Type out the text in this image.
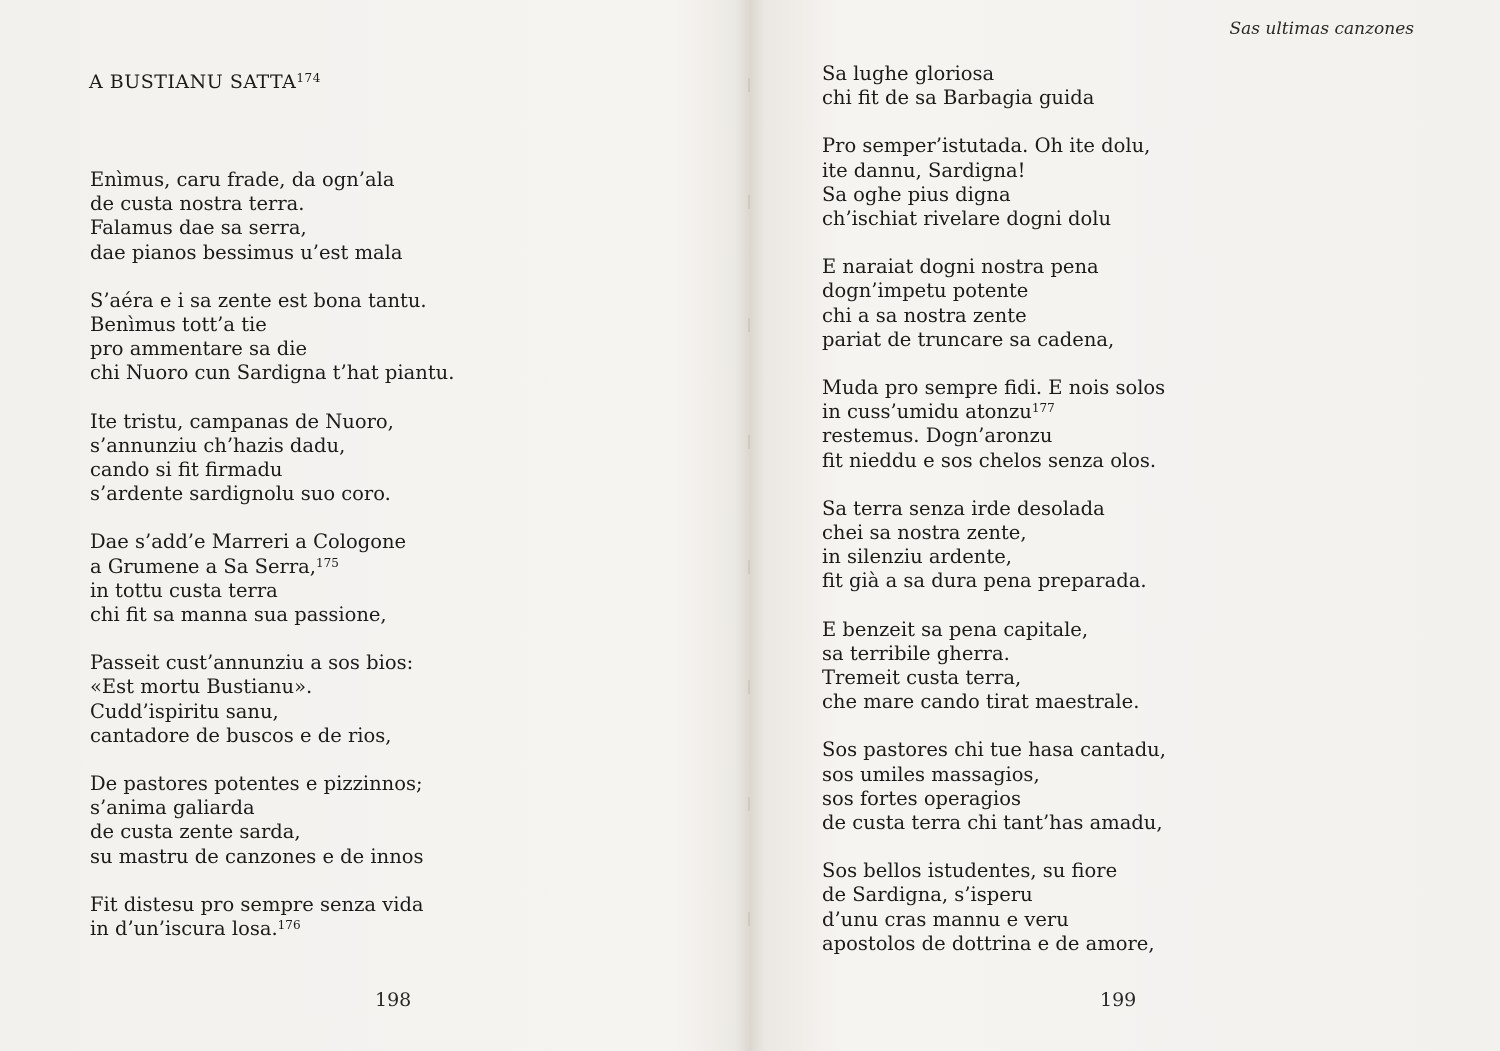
A BUSTIANU SATTA$^{174}$
Enìmus, caru frade, da ogn’ala
de custa nostra terra.
Falamus dae sa serra,
dae pianos bessimus u’est mala
S’aéra e i sa zente est bona tantu.
Benìmus tott’a tie
pro ammentare sa die
chi Nuoro cun Sardigna t’hat piantu.
Ite tristu, campanas de Nuoro,
s’annunziu ch’hazis dadu,
cando si fit firmadu
s’ardente sardignolu suo coro.
Dae s’add’e Marreri a Cologone
a Grumene a Sa Serra,$^{175}$
in tottu custa terra
chi fit sa manna sua passione,
Passeit cust’annunziu a sos bios:
«Est mortu Bustianu».
Cudd’ispiritu sanu,
cantadore de buscos e de rios,
De pastores potentes e pizzinnos;
s’anima galiarda
de custa zente sarda,
su mastru de canzones e de innos
Fit distesu pro sempre senza vida
in d’un’iscura losa.$^{176}$
198
Sas ultimas canzones
Sa lughe gloriosa
chi fit de sa Barbagia guida
Pro semper’istutada. Oh ite dolu,
ite dannu, Sardigna!
Sa oghe pius digna
ch’ischiat rivelare dogni dolu
E naraiat dogni nostra pena
dogn’impetu potente
chi a sa nostra zente
pariat de truncare sa cadena,
Muda pro sempre fidi. E nois solos
in cuss’umidu atonzu$^{177}$
restemus. Dogn’aronzu
fit nieddu e sos chelos senza olos.
Sa terra senza irde desolada
chei sa nostra zente,
in silenziu ardente,
fit già a sa dura pena preparada.
E benzeit sa pena capitale,
sa terribile gherra.
Tremeit custa terra,
che mare cando tirat maestrale.
Sos pastores chi tue hasa cantadu,
sos umiles massagios,
sos fortes operagios
de custa terra chi tant’has amadu,
Sos bellos istudentes, su fiore
de Sardigna, s’isperu
d’unu cras mannu e veru
apostolos de dottrina e de amore,
199
